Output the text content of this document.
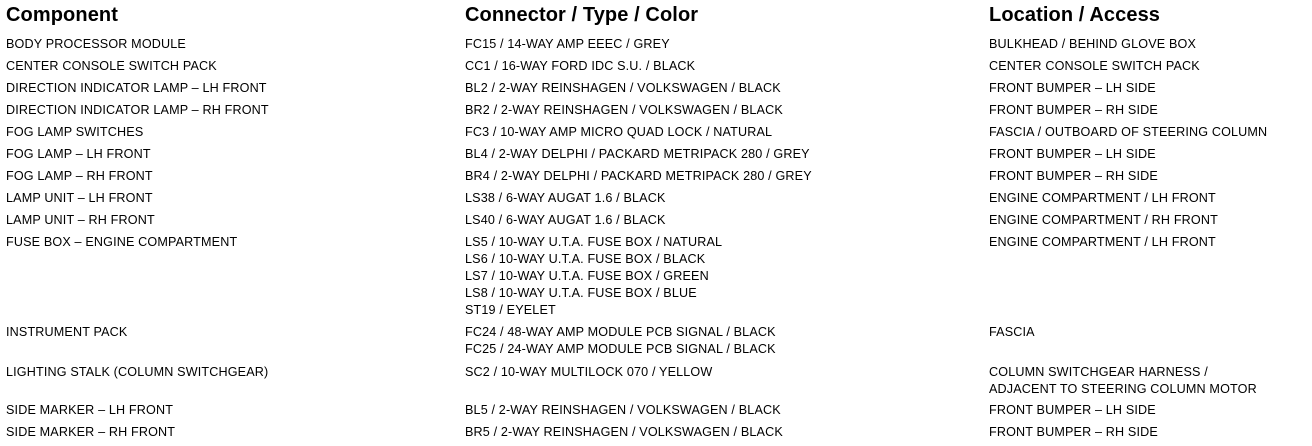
Component
BODY PROCESSOR MODULE
CENTER CONSOLE SWITCH PACK
DIRECTION INDICATOR LAMP – LH FRONT
DIRECTION INDICATOR LAMP – RH FRONT
FOG LAMP SWITCHES
FOG LAMP – LH FRONT
FOG LAMP – RH FRONT
LAMP UNIT – LH FRONT
LAMP UNIT – RH FRONT
FUSE BOX – ENGINE COMPARTMENT
INSTRUMENT PACK
LIGHTING STALK (COLUMN SWITCHGEAR)
SIDE MARKER – LH FRONT
SIDE MARKER – RH FRONT
Connector / Type / Color
FC15 / 14-WAY AMP EEEC / GREY
CC1 / 16-WAY FORD IDC S.U. / BLACK
BL2 / 2-WAY REINSHAGEN / VOLKSWAGEN / BLACK
BR2 / 2-WAY REINSHAGEN / VOLKSWAGEN / BLACK
FC3 / 10-WAY AMP MICRO QUAD LOCK / NATURAL
BL4 / 2-WAY DELPHI / PACKARD METRIPACK 280 / GREY
BR4 / 2-WAY DELPHI / PACKARD METRIPACK 280 / GREY
LS38 / 6-WAY AUGAT 1.6 / BLACK
LS40 / 6-WAY AUGAT 1.6 / BLACK
LS5 / 10-WAY U.T.A. FUSE BOX / NATURAL
LS6 / 10-WAY U.T.A. FUSE BOX / BLACK
LS7 / 10-WAY U.T.A. FUSE BOX / GREEN
LS8 / 10-WAY U.T.A. FUSE BOX / BLUE
ST19 / EYELET
FC24 / 48-WAY AMP MODULE PCB SIGNAL / BLACK
FC25 / 24-WAY AMP MODULE PCB SIGNAL / BLACK
SC2 / 10-WAY MULTILOCK 070 / YELLOW
BL5 / 2-WAY REINSHAGEN / VOLKSWAGEN / BLACK
BR5 / 2-WAY REINSHAGEN / VOLKSWAGEN / BLACK
Location / Access
BULKHEAD / BEHIND GLOVE BOX
CENTER CONSOLE SWITCH PACK
FRONT BUMPER – LH SIDE
FRONT BUMPER – RH SIDE
FASCIA / OUTBOARD OF STEERING COLUMN
FRONT BUMPER – LH SIDE
FRONT BUMPER – RH SIDE
ENGINE COMPARTMENT / LH FRONT
ENGINE COMPARTMENT / RH FRONT
ENGINE COMPARTMENT / LH FRONT
FASCIA
COLUMN SWITCHGEAR HARNESS /
ADJACENT TO STEERING COLUMN MOTOR
FRONT BUMPER – LH SIDE
FRONT BUMPER – RH SIDE
